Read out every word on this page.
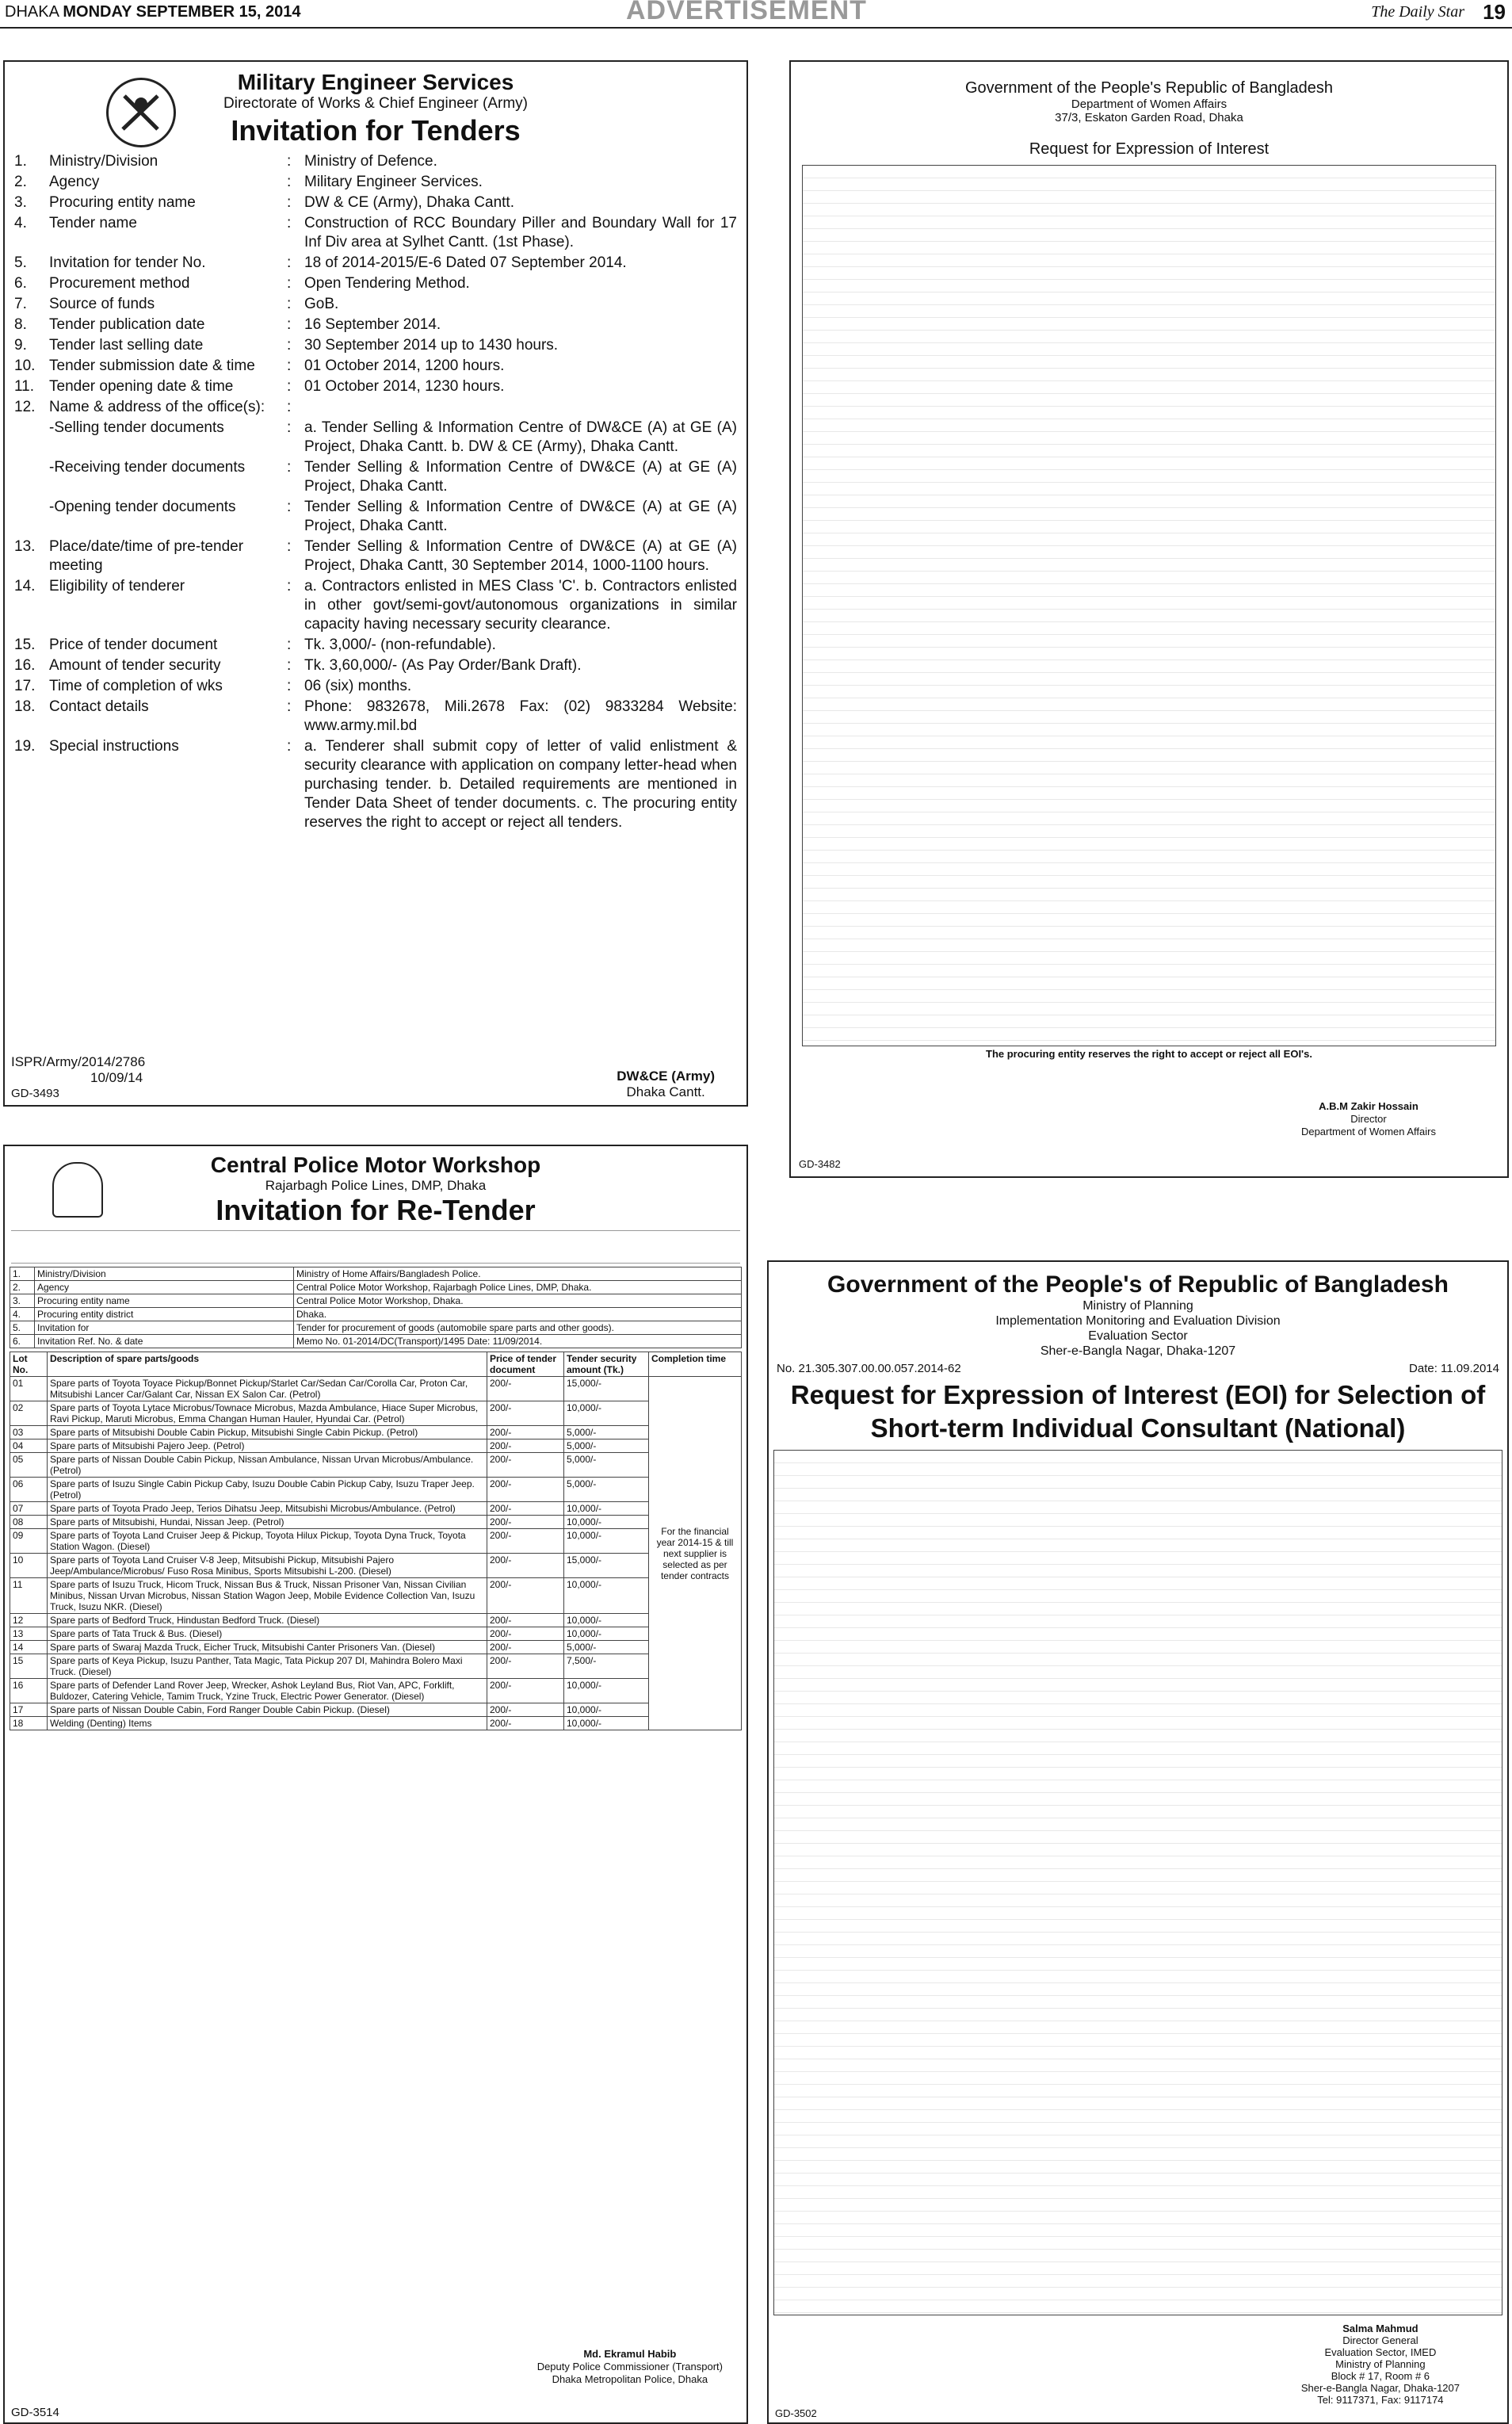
DHAKA MONDAY SEPTEMBER 15, 2014	ADVERTISEMENT	The Daily Star 19
Military Engineer Services
Directorate of Works & Chief Engineer (Army)
Invitation for Tenders
1.	Ministry/Division	: Ministry of Defence.
2.	Agency	: Military Engineer Services.
3.	Procuring entity name	: DW & CE (Army), Dhaka Cantt.
4.	Tender name	: Construction of RCC Boundary Piller and Boundary Wall for 17 Inf Div area at Sylhet Cantt. (1st Phase).
5.	Invitation for tender No.	: 18 of 2014-2015/E-6 Dated 07 September 2014.
6.	Procurement method	: Open Tendering Method.
7.	Source of funds	: GoB.
8.	Tender publication date	: 16 September 2014.
9.	Tender last selling date	: 30 September 2014 up to 1430 hours.
10. Tender submission date & time	: 01 October 2014, 1200 hours.
11. Tender opening date & time	: 01 October 2014, 1230 hours.
12. Name & address of the office(s):	:
-Selling tender documents	: a. Tender Selling & Information Centre of DW&CE (A) at GE (A) Project, Dhaka Cantt. b. DW & CE (Army), Dhaka Cantt.
-Receiving tender documents	: Tender Selling & Information Centre of DW&CE (A) at GE (A) Project, Dhaka Cantt.
-Opening tender documents	: Tender Selling & Information Centre of DW&CE (A) at GE (A) Project, Dhaka Cantt.
13. Place/date/time of pre-tender meeting
: Tender Selling & Information Centre of DW&CE (A) at GE (A) Project, Dhaka Cantt, 30 September 2014, 1000-1100 hours.
14. Eligibility of tenderer	: a. Contractors enlisted in MES Class 'C'. b. Contractors enlisted in other govt/semi-govt/autonomous organizations in similar capacity having necessary security clearance.
15. Price of tender document	: Tk. 3,000/- (non-refundable).
16. Amount of tender security	: Tk. 3,60,000/- (As Pay Order/Bank Draft).
17. Time of completion of wks	: 06 (six) months.
18. Contact details	: Phone: 9832678, Mili.2678 Fax: (02) 9833284 Website: www.army.mil.bd
19. Special instructions	: a. Tenderer shall submit copy of letter of valid enlistment & security clearance with application on company letter-head when purchasing tender. b. Detailed requirements are mentioned in Tender Data Sheet of tender documents. c. The procuring entity reserves the right to accept or reject all tenders.
ISPR/Army/2014/2786
10/09/14	DW&CE (Army)
Dhaka Cantt.
GD-3493
Central Police Motor Workshop
Rajarbagh Police Lines, DMP, Dhaka
Invitation for Re-Tender
1.	Ministry/Division	Ministry of Home Affairs/Bangladesh Police.
2.	Agency	Central Police Motor Workshop, Rajarbagh Police Lines, DMP, Dhaka.
3.	Procuring entity name	Central Police Motor Workshop, Dhaka.
4.	Procuring entity district	Dhaka.
5.	Invitation for	Tender for procurement of goods (automobile spare parts and other goods).
6.	Invitation Ref. No. & date	Memo No. 01-2014/DC(Transport)/1495 Date: 11/09/2014.
Lot No.	Description of spare parts/goods	Price of tender document	Tender security amount (Tk.)	Completion time
01	Spare parts of Toyota Toyace Pickup/Bonnet Pickup/Starlet Car/Sedan Car/Corolla Car, Proton Car, Mitsubishi Lancer Car/Galant Car, Nissan EX Salon Car. (Petrol)	200/-	15,000/-	For the financial year 2014-15 & till next supplier is selected as per tender contracts
02	Spare parts of Toyota Lytace Microbus/Townace Microbus, Mazda Ambulance, Hiace Super Microbus, Ravi Pickup, Maruti Microbus, Emma Changan Human Hauler, Hyundai Car. (Petrol)	200/-	10,000/-	
03	Spare parts of Mitsubishi Double Cabin Pickup, Mitsubishi Single Cabin Pickup. (Petrol)	200/-	5,000/-	
04	Spare parts of Mitsubishi Pajero Jeep. (Petrol)	200/-	5,000/-	
05	Spare parts of Nissan Double Cabin Pickup, Nissan Ambulance, Nissan Urvan Microbus/Ambulance. (Petrol)	200/-	5,000/-	
06	Spare parts of Isuzu Single Cabin Pickup Caby, Isuzu Double Cabin Pickup Caby, Isuzu Traper Jeep. (Petrol)	200/-	5,000/-	
07	Spare parts of Toyota Prado Jeep, Terios Dihatsu Jeep, Mitsubishi Microbus/Ambulance. (Petrol)	200/-	10,000/-	
08	Spare parts of Mitsubishi, Hundai, Nissan Jeep. (Petrol)	200/-	10,000/-	
09	Spare parts of Toyota Land Cruiser Jeep & Pickup, Toyota Hilux Pickup, Toyota Dyna Truck, Toyota Station Wagon. (Diesel)	200/-	10,000/-	
10	Spare parts of Toyota Land Cruiser V-8 Jeep, Mitsubishi Pickup, Mitsubishi Pajero Jeep/Ambulance/Microbus/ Fuso Rosa Minibus, Sports Mitsubishi L-200. (Diesel)	200/-	15,000/-	
11	Spare parts of Isuzu Truck, Hicom Truck, Nissan Bus & Truck, Nissan Prisoner Van, Nissan Civilian Minibus, Nissan Urvan Microbus, Nissan Station Wagon Jeep, Mobile Evidence Collection Van, Isuzu Truck, Isuzu NKR. (Diesel)	200/-	10,000/-	
12	Spare parts of Bedford Truck, Hindustan Bedford Truck. (Diesel)	200/-	10,000/-	
13	Spare parts of Tata Truck & Bus. (Diesel)	200/-	10,000/-	
14	Spare parts of Swaraj Mazda Truck, Eicher Truck, Mitsubishi Canter Prisoners Van. (Diesel)	200/-	5,000/-	
15	Spare parts of Keya Pickup, Isuzu Panther, Tata Magic, Tata Pickup 207 DI, Mahindra Bolero Maxi Truck. (Diesel)	200/-	7,500/-	
16	Spare parts of Defender Land Rover Jeep, Wrecker, Ashok Leyland Bus, Riot Van, APC, Forklift, Buldozer, Catering Vehicle, Tamim Truck, Yzine Truck, Electric Power Generator. (Diesel)	200/-	10,000/-	
17	Spare parts of Nissan Double Cabin, Ford Ranger Double Cabin Pickup. (Diesel)	200/-	10,000/-	
18	Welding (Denting) Items	200/-	10,000/-	
Md. Ekramul Habib
Deputy Police Commissioner (Transport)
Dhaka Metropolitan Police, Dhaka
GD-3514
Government of the People's Republic of Bangladesh
Department of Women Affairs
37/3, Eskaton Garden Road, Dhaka
Request for Expression of Interest
The procuring entity reserves the right to accept or reject all EOI's.
A.B.M Zakir Hossain
Director
Department of Women Affairs
GD-3482
Government of the People's of Republic of Bangladesh
Ministry of Planning
Implementation Monitoring and Evaluation Division
Evaluation Sector
Sher-e-Bangla Nagar, Dhaka-1207
No. 21.305.307.00.00.057.2014-62	Date: 11.09.2014
Request for Expression of Interest (EOI) for Selection of Short-term Individual Consultant (National)
Salma Mahmud
Director General
Evaluation Sector, IMED
Ministry of Planning
Block # 17, Room # 6
Sher-e-Bangla Nagar, Dhaka-1207
Tel: 9117371, Fax: 9117174
GD-3502
